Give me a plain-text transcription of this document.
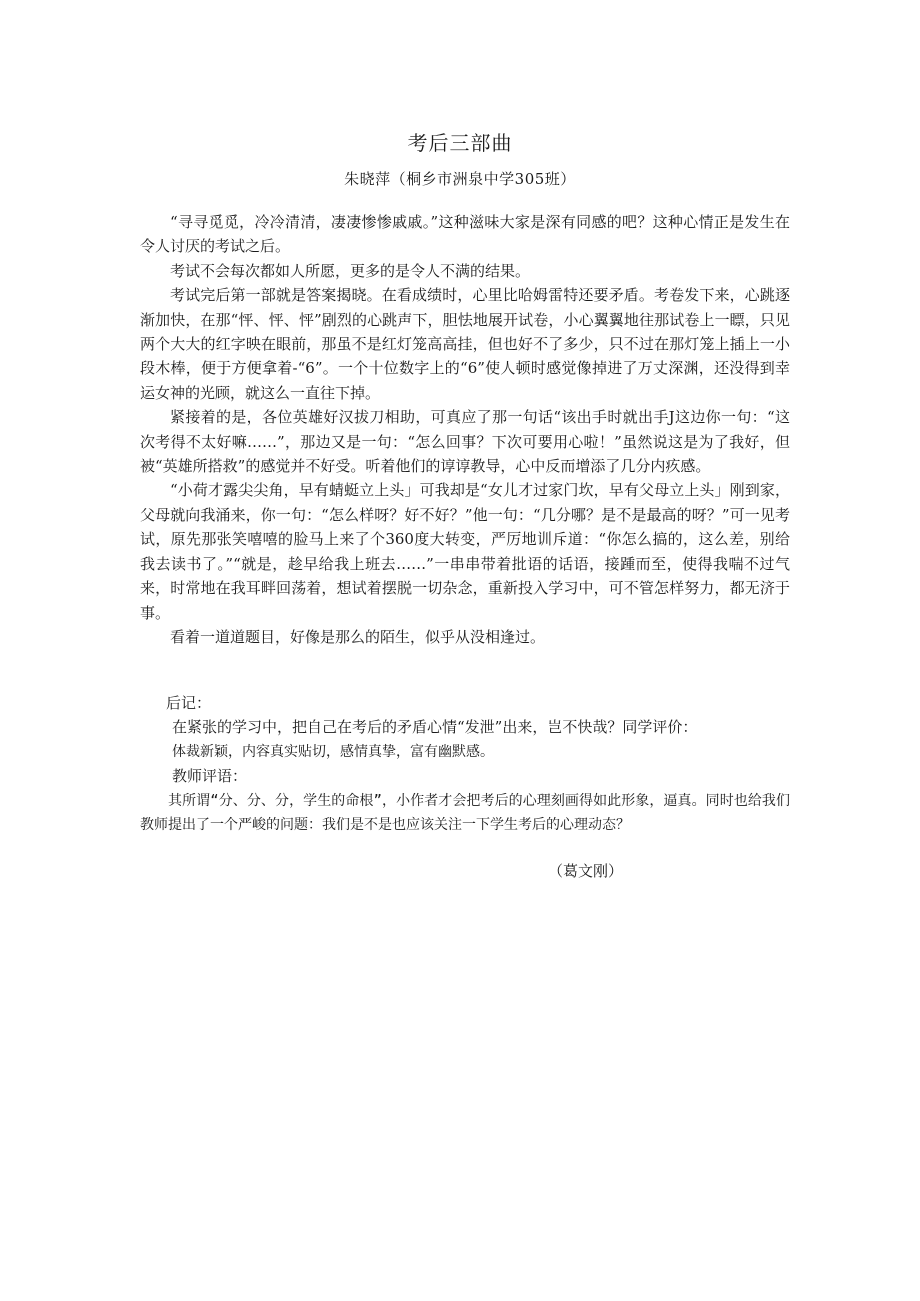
考后三部曲
朱晓萍（桐乡市洲泉中学305班）

“寻寻觅觅，冷冷清清，凄凄惨惨戚戚。”这种滋味大家是深有同感的吧？这种心情正是发生在令人讨厌的考试之后。

考试不会每次都如人所愿，更多的是令人不满的结果。

考试完后第一部就是答案揭晓。在看成绩时，心里比哈姆雷特还要矛盾。考卷发下来，心跳逐渐加快，在那“怦、怦、怦”剧烈的心跳声下，胆怯地展开试卷，小心翼翼地往那试卷上一瞟，只见两个大大的红字映在眼前，那虽不是红灯笼高高挂，但也好不了多少，只不过在那灯笼上插上一小段木棒，便于方便拿着-“6”。一个十位数字上的“6”使人顿时感觉像掉进了万丈深渊，还没得到幸运女神的光顾，就这么一直往下掉。

紧接着的是，各位英雄好汉拔刀相助，可真应了那一句话“该出手时就出手J这边你一句：“这次考得不太好嘛……”，那边又是一句：“怎么回事？下次可要用心啦！”虽然说这是为了我好，但被“英雄所搭救”的感觉并不好受。听着他们的谆谆教导，心中反而增添了几分内疚感。

“小荷才露尖尖角，早有蜻蜓立上头」可我却是“女儿才过家门坎，早有父母立上头」刚到家，父母就向我涌来，你一句：“怎么样呀？好不好？”他一句：“几分哪？是不是最高的呀？”可一见考试，原先那张笑嘻嘻的脸马上来了个360度大转变，严厉地训斥道：“你怎么搞的，这么差，别给我去读书了。”“就是，趁早给我上班去……”一串串带着批语的话语，接踵而至，使得我喘不过气来，时常地在我耳畔回荡着，想试着摆脱一切杂念，重新投入学习中，可不管怎样努力，都无济于事。

看着一道道题目，好像是那么的陌生，似乎从没相逢过。

后记：

在紧张的学习中，把自己在考后的矛盾心情“发泄”出来，岂不快哉？同学评价：

体裁新颖，内容真实贴切，感情真挚，富有幽默感。

教师评语：

其所谓“分、分、分，学生的命根”，小作者才会把考后的心理刻画得如此形象，逼真。同时也给我们教师提出了一个严峻的问题：我们是不是也应该关注一下学生考后的心理动态？

（葛文刚）
